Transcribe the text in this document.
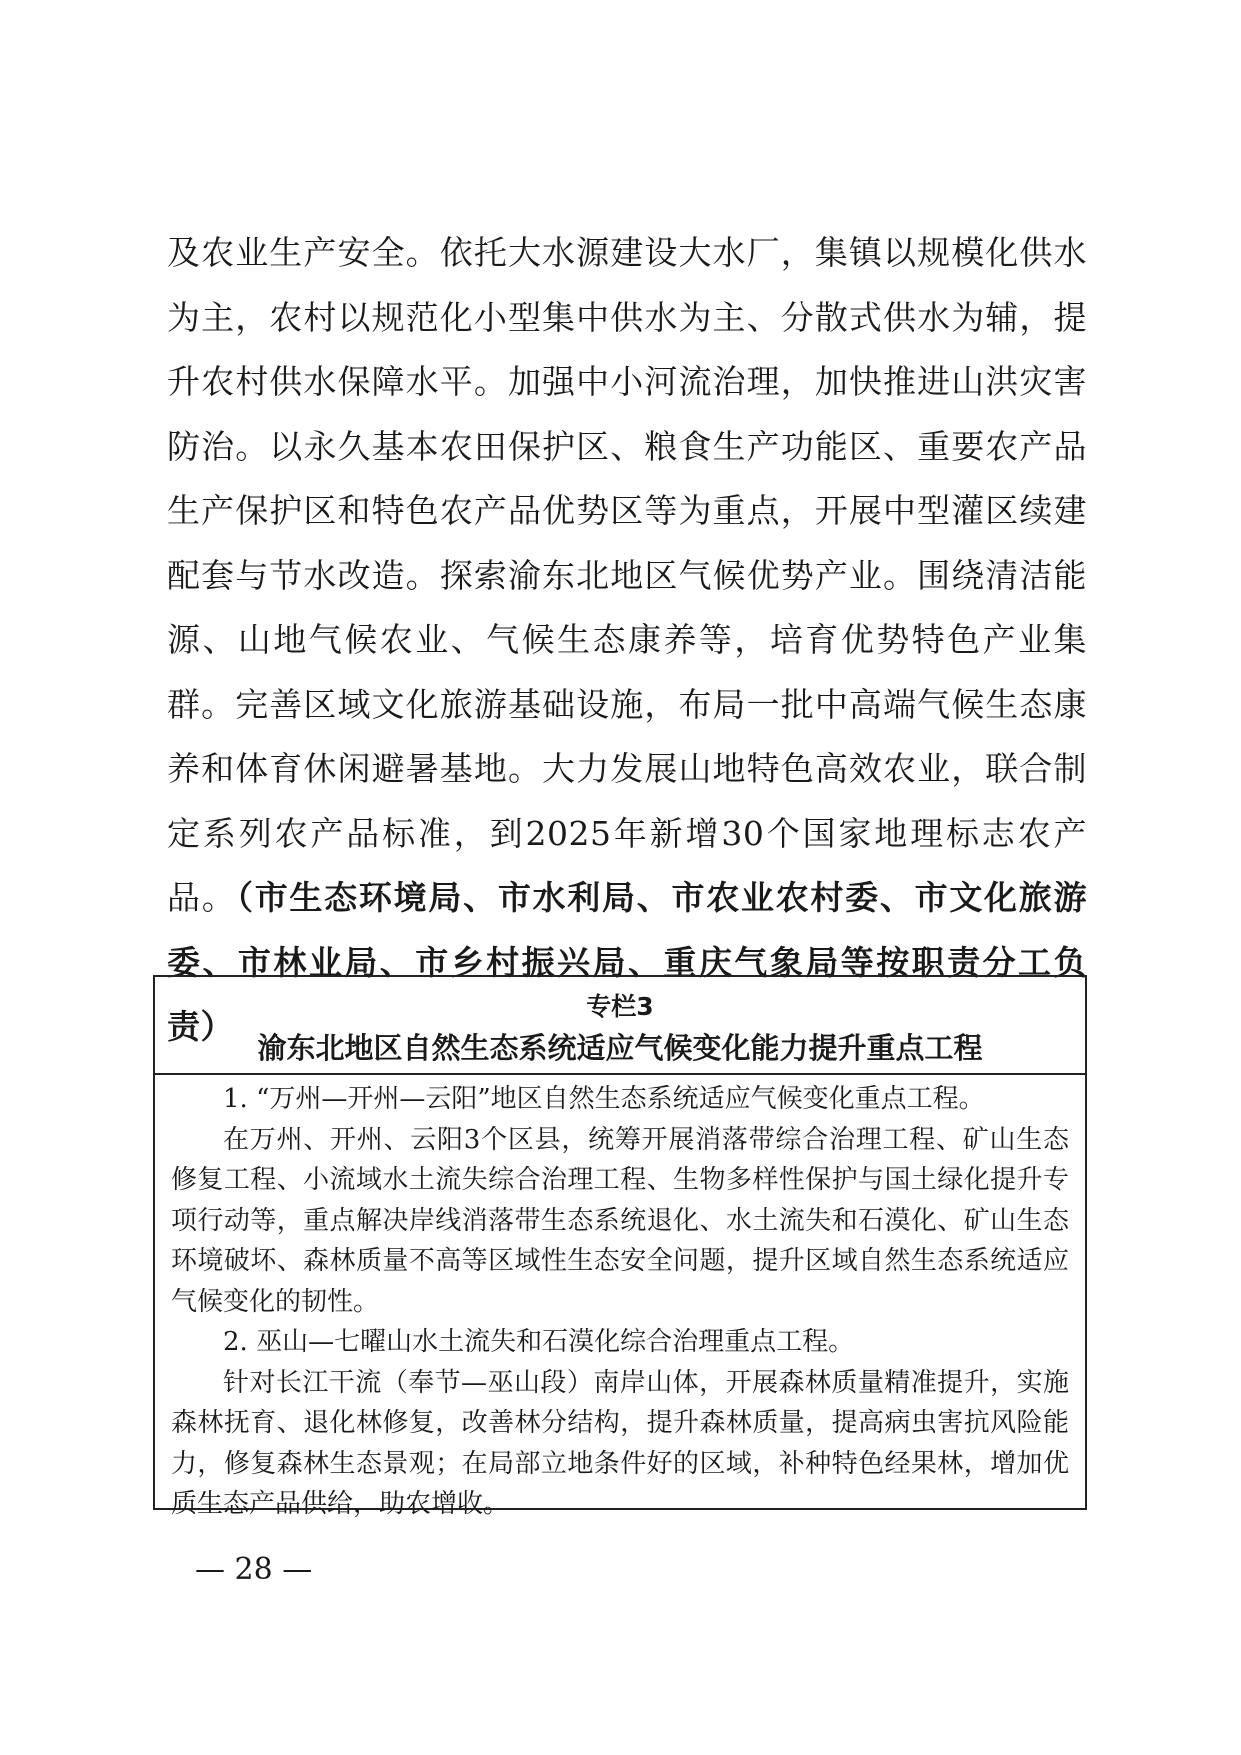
及农业生产安全。依托大水源建设大水厂，集镇以规模化供水为主，农村以规范化小型集中供水为主、分散式供水为辅，提升农村供水保障水平。加强中小河流治理，加快推进山洪灾害防治。以永久基本农田保护区、粮食生产功能区、重要农产品生产保护区和特色农产品优势区等为重点，开展中型灌区续建配套与节水改造。探索渝东北地区气候优势产业。围绕清洁能源、山地气候农业、气候生态康养等，培育优势特色产业集群。完善区域文化旅游基础设施，布局一批中高端气候生态康养和体育休闲避暑基地。大力发展山地特色高效农业，联合制定系列农产品标准，到2025年新增30个国家地理标志农产品。（市生态环境局、市水利局、市农业农村委、市文化旅游委、市林业局、市乡村振兴局、重庆气象局等按职责分工负责）

专栏3
渝东北地区自然生态系统适应气候变化能力提升重点工程

1. “万州—开州—云阳”地区自然生态系统适应气候变化重点工程。

在万州、开州、云阳3个区县，统筹开展消落带综合治理工程、矿山生态修复工程、小流域水土流失综合治理工程、生物多样性保护与国土绿化提升专项行动等，重点解决岸线消落带生态系统退化、水土流失和石漠化、矿山生态环境破坏、森林质量不高等区域性生态安全问题，提升区域自然生态系统适应气候变化的韧性。

2. 巫山—七曜山水土流失和石漠化综合治理重点工程。

针对长江干流（奉节—巫山段）南岸山体，开展森林质量精准提升，实施森林抚育、退化林修复，改善林分结构，提升森林质量，提高病虫害抗风险能力，修复森林生态景观；在局部立地条件好的区域，补种特色经果林，增加优质生态产品供给，助农增收。

— 28 —
